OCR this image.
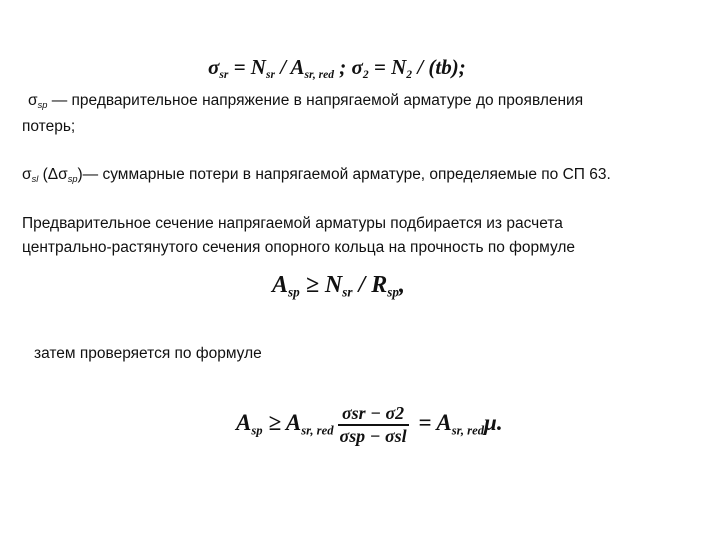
$\sigma_{sr} = N_{sr} / A_{sr, red}$ ; $\sigma_2 = N_2 / (tb)$;
σsp — предварительное напряжение в напрягаемой арматуре до проявления
потерь;
σsl (Δσsp)— суммарные потери в напрягаемой арматуре, определяемые по СП 63.
Предварительное сечение напрягаемой арматуры подбирается из расчета
центрально-растянутого сечения опорного кольца на прочность по формуле
$A_{sp} \ge N_{sr} / R_{sp}$,
затем проверяется по формуле
$A_{sp} \ge A_{sr, red} \frac{\text{σsr − σ2}}{\text{σsp − σsl}} = A_{sr, red}\mu$.
